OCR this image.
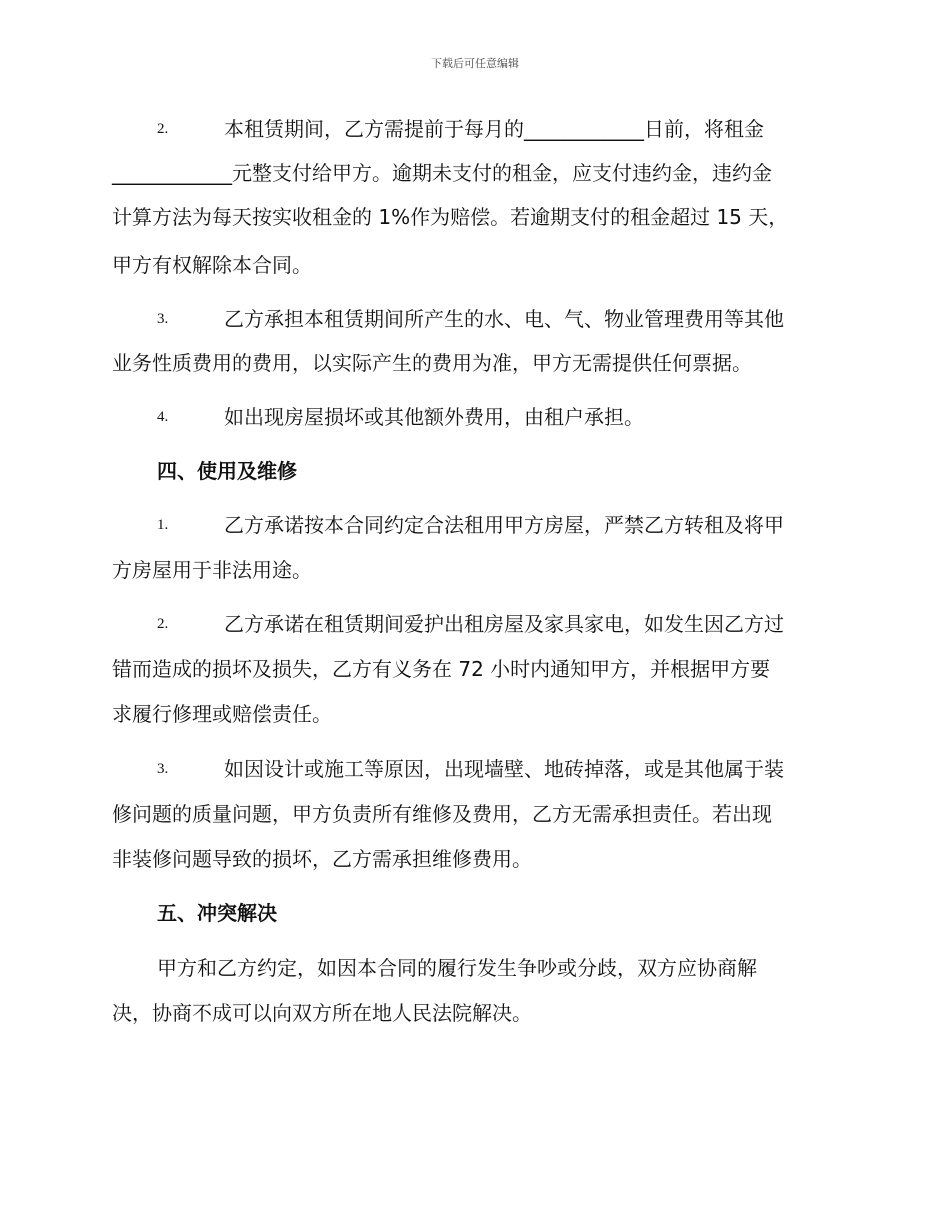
下载后可任意编辑
2.	本租赁期间，乙方需提前于每月的____________日前，将租金
____________元整支付给甲方。逾期未支付的租金，应支付违约金，违约金
计算方法为每天按实收租金的 1%作为赔偿。若逾期支付的租金超过 15 天，
甲方有权解除本合同。
3.	乙方承担本租赁期间所产生的水、电、气、物业管理费用等其他
业务性质费用的费用，以实际产生的费用为准，甲方无需提供任何票据。
4.	如出现房屋损坏或其他额外费用，由租户承担。
四、使用及维修
1.	乙方承诺按本合同约定合法租用甲方房屋，严禁乙方转租及将甲
方房屋用于非法用途。
2.	乙方承诺在租赁期间爱护出租房屋及家具家电，如发生因乙方过
错而造成的损坏及损失，乙方有义务在 72 小时内通知甲方，并根据甲方要
求履行修理或赔偿责任。
3.	如因设计或施工等原因，出现墙壁、地砖掉落，或是其他属于装
修问题的质量问题，甲方负责所有维修及费用，乙方无需承担责任。若出现
非装修问题导致的损坏，乙方需承担维修费用。
五、冲突解决
甲方和乙方约定，如因本合同的履行发生争吵或分歧，双方应协商解
决，协商不成可以向双方所在地人民法院解决。
